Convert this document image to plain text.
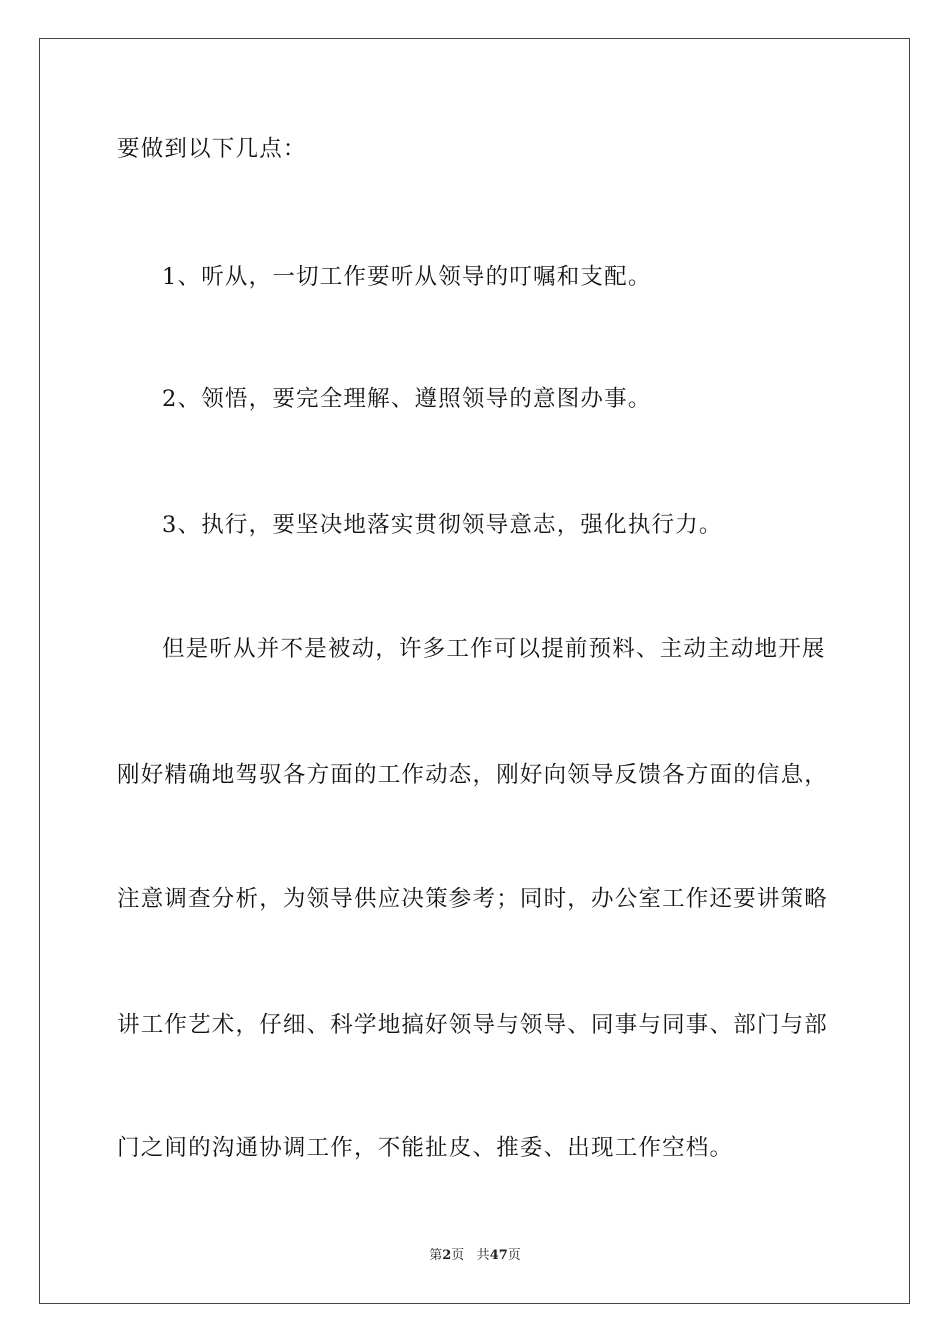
要做到以下几点：
1、听从，一切工作要听从领导的叮嘱和支配。
2、领悟，要完全理解、遵照领导的意图办事。
3、执行，要坚决地落实贯彻领导意志，强化执行力。
但是听从并不是被动，许多工作可以提前预料、主动主动地开展
刚好精确地驾驭各方面的工作动态，刚好向领导反馈各方面的信息，
注意调查分析，为领导供应决策参考；同时，办公室工作还要讲策略
讲工作艺术，仔细、科学地搞好领导与领导、同事与同事、部门与部
门之间的沟通协调工作，不能扯皮、推委、出现工作空档。
第2页 共47页
